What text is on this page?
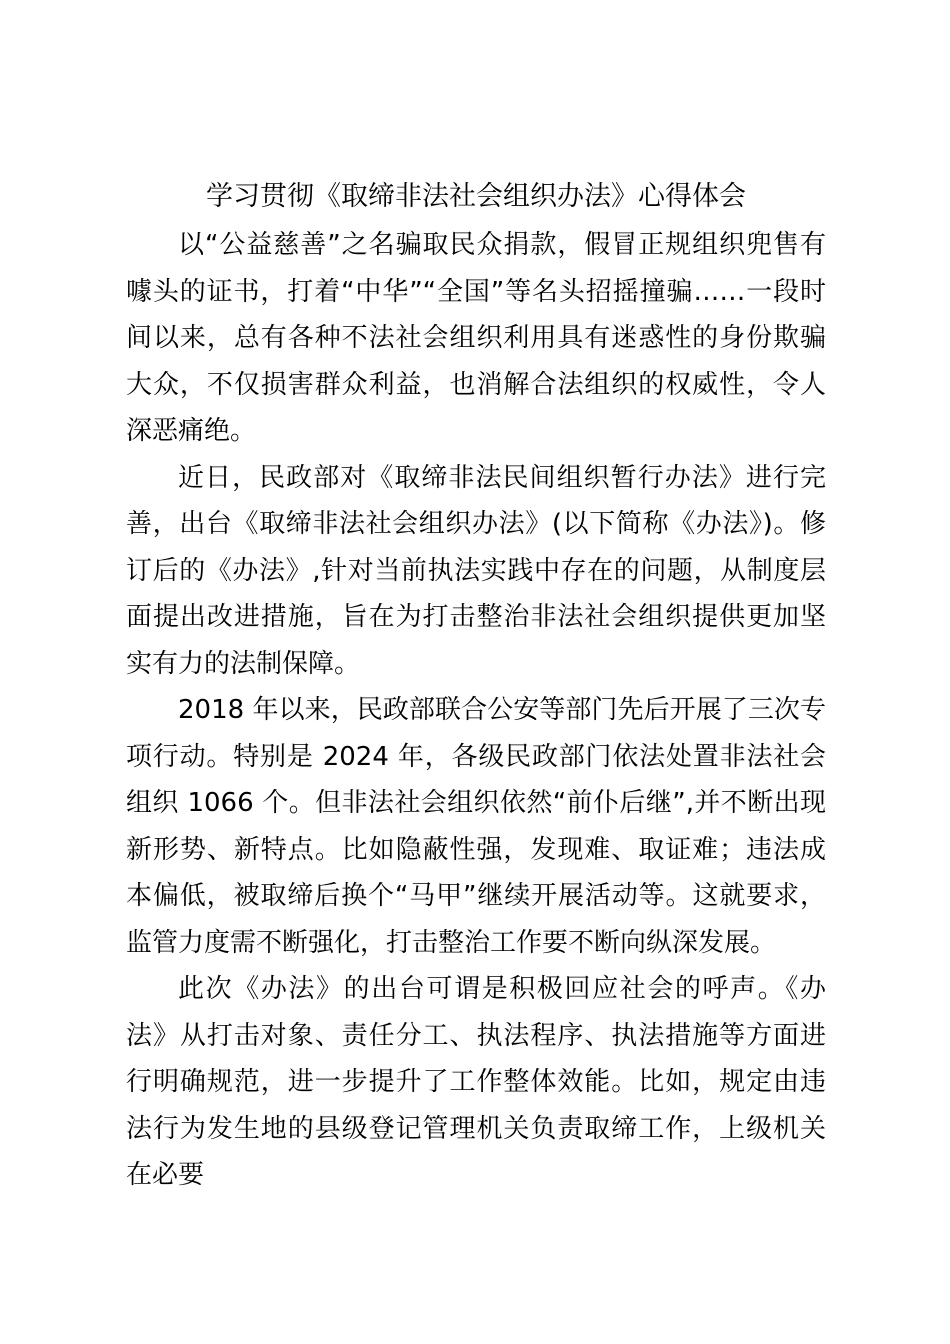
学习贯彻《取缔非法社会组织办法》心得体会

以“公益慈善”之名骗取民众捐款，假冒正规组织兜售有噱头的证书，打着“中华”“全国”等名头招摇撞骗……一段时间以来，总有各种不法社会组织利用具有迷惑性的身份欺骗大众，不仅损害群众利益，也消解合法组织的权威性，令人深恶痛绝。

近日，民政部对《取缔非法民间组织暂行办法》进行完善，出台《取缔非法社会组织办法》(以下简称《办法》)。修订后的《办法》,针对当前执法实践中存在的问题，从制度层面提出改进措施，旨在为打击整治非法社会组织提供更加坚实有力的法制保障。

2018 年以来，民政部联合公安等部门先后开展了三次专项行动。特别是 2024 年，各级民政部门依法处置非法社会组织 1066 个。但非法社会组织依然“前仆后继”,并不断出现新形势、新特点。比如隐蔽性强，发现难、取证难；违法成本偏低，被取缔后换个“马甲”继续开展活动等。这就要求，监管力度需不断强化，打击整治工作要不断向纵深发展。

此次《办法》的出台可谓是积极回应社会的呼声。《办法》从打击对象、责任分工、执法程序、执法措施等方面进行明确规范，进一步提升了工作整体效能。比如，规定由违法行为发生地的县级登记管理机关负责取缔工作，上级机关在必要
